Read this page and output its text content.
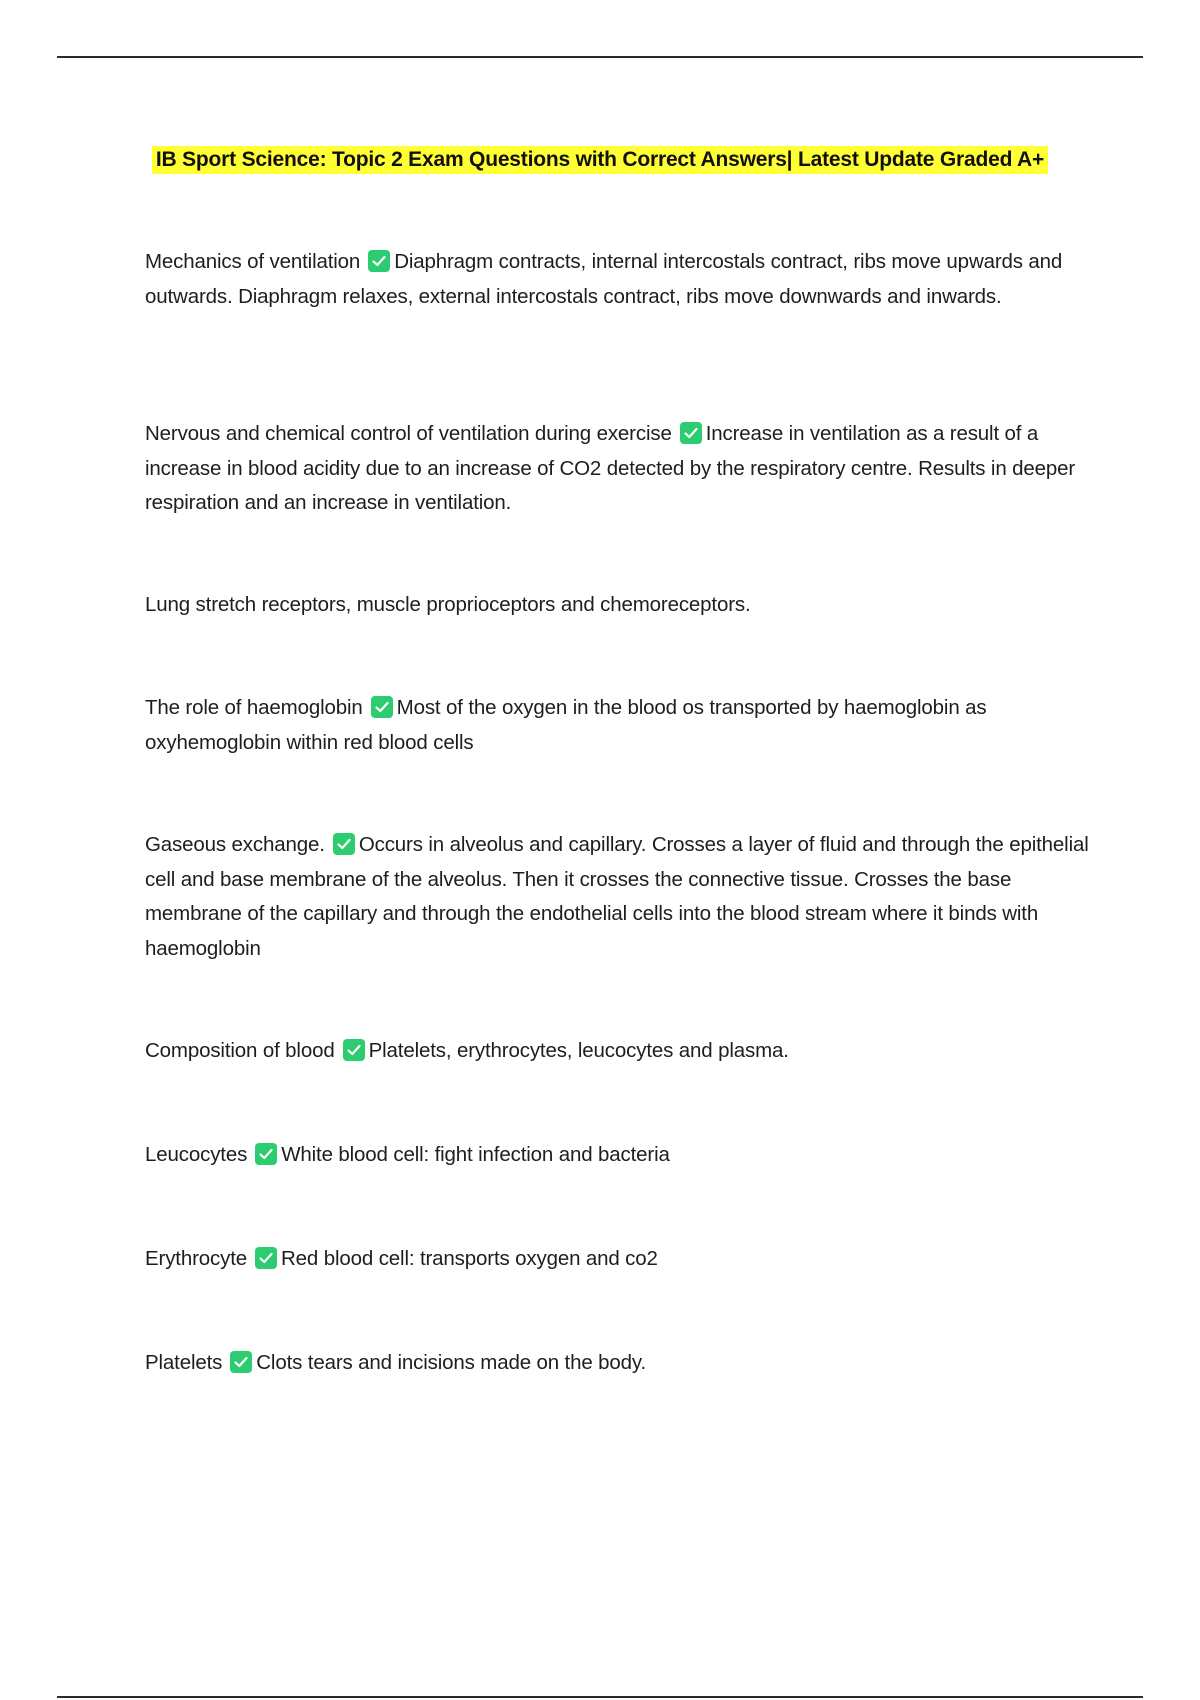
IB Sport Science: Topic 2 Exam Questions with Correct Answers| Latest Update Graded A+
Mechanics of ventilation Diaphragm contracts, internal intercostals contract, ribs move upwards and outwards. Diaphragm relaxes, external intercostals contract, ribs move downwards and inwards.
Nervous and chemical control of ventilation during exercise Increase in ventilation as a result of a increase in blood acidity due to an increase of CO2 detected by the respiratory centre. Results in deeper respiration and an increase in ventilation.
Lung stretch receptors, muscle proprioceptors and chemoreceptors.
The role of haemoglobin Most of the oxygen in the blood os transported by haemoglobin as oxyhemoglobin within red blood cells
Gaseous exchange. Occurs in alveolus and capillary. Crosses a layer of fluid and through the epithelial cell and base membrane of the alveolus. Then it crosses the connective tissue. Crosses the base membrane of the capillary and through the endothelial cells into the blood stream where it binds with haemoglobin
Composition of blood Platelets, erythrocytes, leucocytes and plasma.
Leucocytes White blood cell: fight infection and bacteria
Erythrocyte Red blood cell: transports oxygen and co2
Platelets Clots tears and incisions made on the body.
